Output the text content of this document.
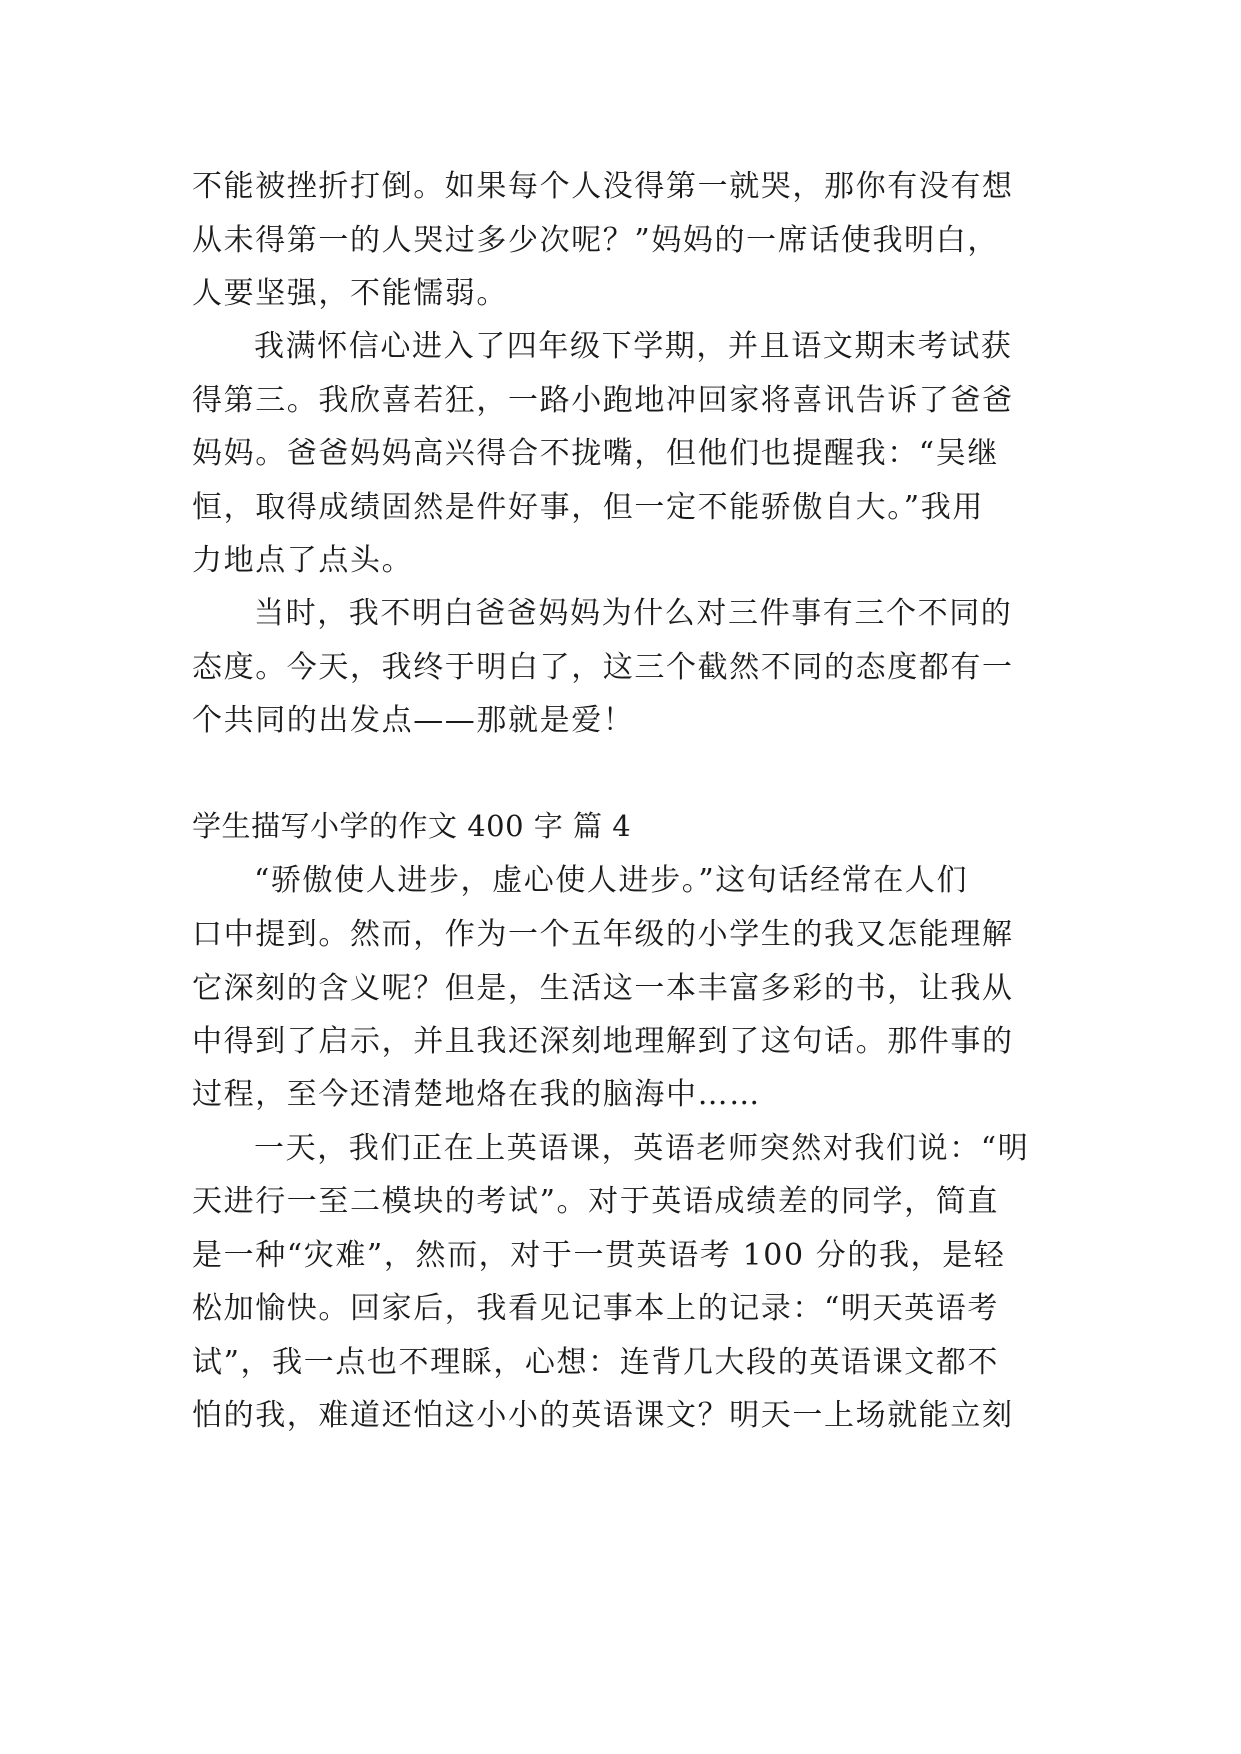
不能被挫折打倒。如果每个人没得第一就哭，那你有没有想
从未得第一的人哭过多少次呢？”妈妈的一席话使我明白，
人要坚强，不能懦弱。
我满怀信心进入了四年级下学期，并且语文期末考试获
得第三。我欣喜若狂，一路小跑地冲回家将喜讯告诉了爸爸
妈妈。爸爸妈妈高兴得合不拢嘴，但他们也提醒我：“吴继
恒，取得成绩固然是件好事，但一定不能骄傲自大。”我用
力地点了点头。
当时，我不明白爸爸妈妈为什么对三件事有三个不同的
态度。今天，我终于明白了，这三个截然不同的态度都有一
个共同的出发点——那就是爱！
学生描写小学的作文 400 字 篇 4
“骄傲使人进步，虚心使人进步。”这句话经常在人们
口中提到。然而，作为一个五年级的小学生的我又怎能理解
它深刻的含义呢？但是，生活这一本丰富多彩的书，让我从
中得到了启示，并且我还深刻地理解到了这句话。那件事的
过程，至今还清楚地烙在我的脑海中……
一天，我们正在上英语课，英语老师突然对我们说：“明
天进行一至二模块的考试”。对于英语成绩差的同学，简直
是一种“灾难”，然而，对于一贯英语考 100 分的我，是轻
松加愉快。回家后，我看见记事本上的记录：“明天英语考
试”，我一点也不理睬，心想：连背几大段的英语课文都不
怕的我，难道还怕这小小的英语课文？明天一上场就能立刻
